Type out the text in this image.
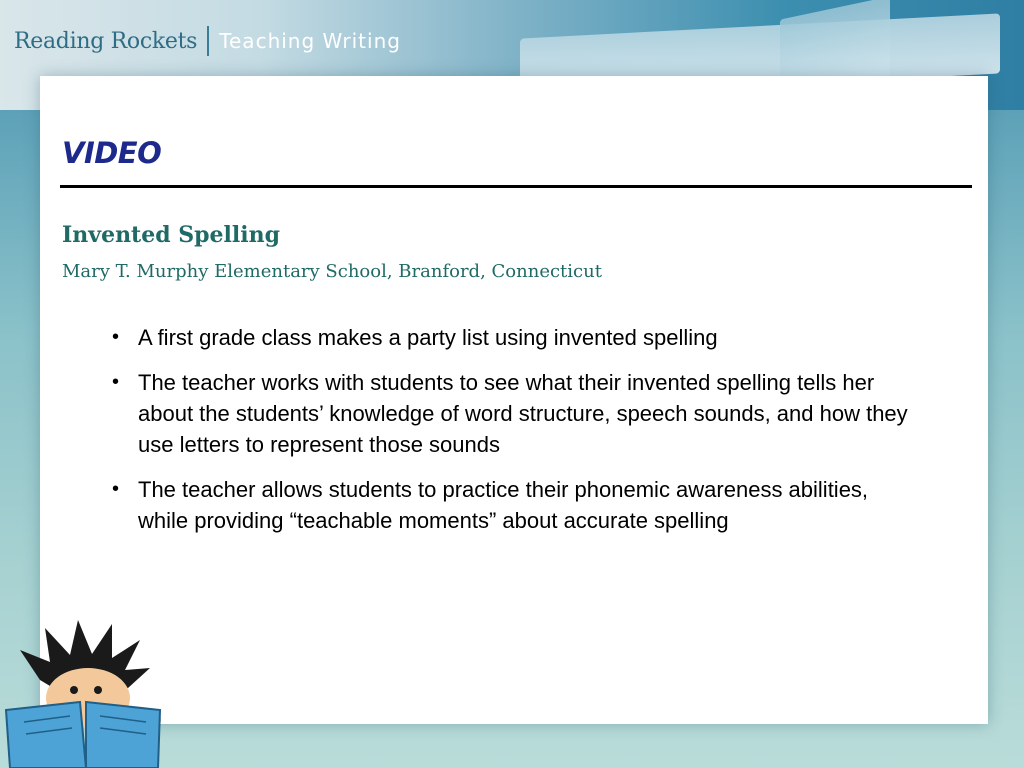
Reading Rockets Teaching Writing
VIDEO
Invented Spelling
Mary T. Murphy Elementary School, Branford, Connecticut
• A first grade class makes a party list using invented spelling
• The teacher works with students to see what their invented spelling tells her about the students’ knowledge of word structure, speech sounds, and how they use letters to represent those sounds
• The teacher allows students to practice their phonemic awareness abilities, while providing “teachable moments” about accurate spelling
